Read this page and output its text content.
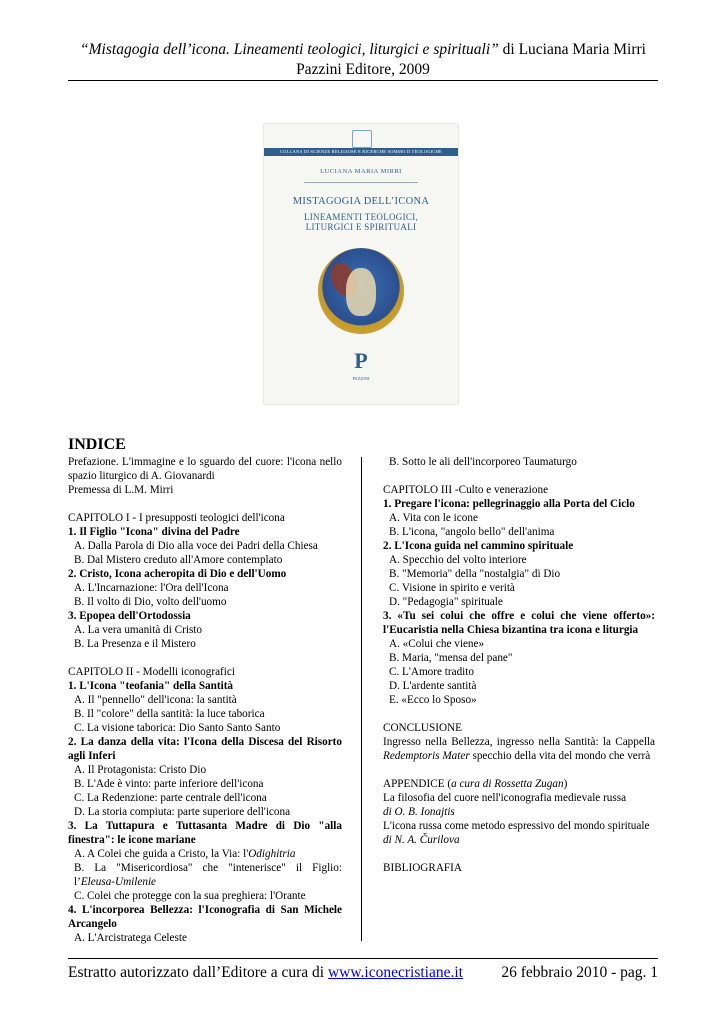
“Mistagogia dell’icona. Lineamenti teologici, liturgici e spirituali” di Luciana Maria Mirri
Pazzini Editore, 2009
COLLANA DI SCIENZE RELIGIOSE E RICERCHE SOMMO D TEOLOGICHE
LUCIANA MARIA MIRRI
MISTAGOGIA DELL’ICONA
LINEAMENTI TEOLOGICI,
LITURGICI E SPIRITUALI
P
PAZZINI
INDICE

Prefazione. L'immagine e lo sguardo del cuore: l'icona nello spazio liturgico di A. Giovanardi

Premessa di L.M. Mirri

CAPITOLO I - I presupposti teologici dell'icona

1. Il Figlio "Icona" divina del Padre

A. Dalla Parola di Dio alla voce dei Padri della Chiesa

B. Dal Mistero creduto all'Amore contemplato

2. Cristo, Icona acheropita di Dio e dell'Uomo

A. L'Incarnazione: l'Ora dell'Icona

B. Il volto di Dio, volto dell'uomo

3. Epopea dell'Ortodossia

A. La vera umanità di Cristo

B. La Presenza e il Mistero

CAPITOLO II - Modelli iconografici

1. L'Icona "teofania" della Santità

A. Il "pennello" dell'icona: la santità

B. Il "colore" della santità: la luce taborica

C. La visione taborica: Dio Santo Santo Santo

2. La danza della vita: l'Icona della Discesa del Risorto agli Inferi

A. Il Protagonista: Cristo Dio

B. L'Ade è vinto: parte inferiore dell'icona

C. La Redenzione: parte centrale dell'icona

D. La storia compiuta: parte superiore dell'icona

3. La Tuttapura e Tuttasanta Madre di Dio "alla finestra": le icone mariane

A. A Colei che guida a Cristo, la Via: l'Odighitria

B. La "Misericordiosa" che "intenerisce" il Figlio: l’Eleusa-Umilenie

C. Colei che protegge con la sua preghiera: l'Orante

4. L'incorporea Bellezza: l'Iconografia di San Michele Arcangelo

A. L'Arcistratega Celeste

B. Sotto le ali dell'incorporeo Taumaturgo

CAPITOLO III -Culto e venerazione

1. Pregare l'icona: pellegrinaggio alla Porta del Ciclo

A. Vita con le icone

B. L'icona, "angolo bello" dell'anima

2. L'Icona guida nel cammino spirituale

A. Specchio del volto interiore

B. "Memoria" della "nostalgia" di Dio

C. Visione in spirito e verità

D. "Pedagogia" spirituale

3. «Tu sei colui che offre e colui che viene offerto»: l'Eucaristia nella Chiesa bizantina tra icona e liturgia

A. «Colui che viene»

B. Maria, "mensa del pane"

C. L'Amore tradito

D. L'ardente santità

E. «Ecco lo Sposo»

CONCLUSIONE

Ingresso nella Bellezza, ingresso nella Santità: la Cappella Redemptoris Mater specchio della vita del mondo che verrà

APPENDICE (a cura di Rossetta Zugan)

La filosofia del cuore nell'iconografia medievale russa

di O. B. Ionajtis

L'icona russa come metodo espressivo del mondo spirituale

di N. A. Čurilova

BIBLIOGRAFIA

Estratto autorizzato dall’Editore a cura di www.iconecristiane.it 26 febbraio 2010 - pag. 1
